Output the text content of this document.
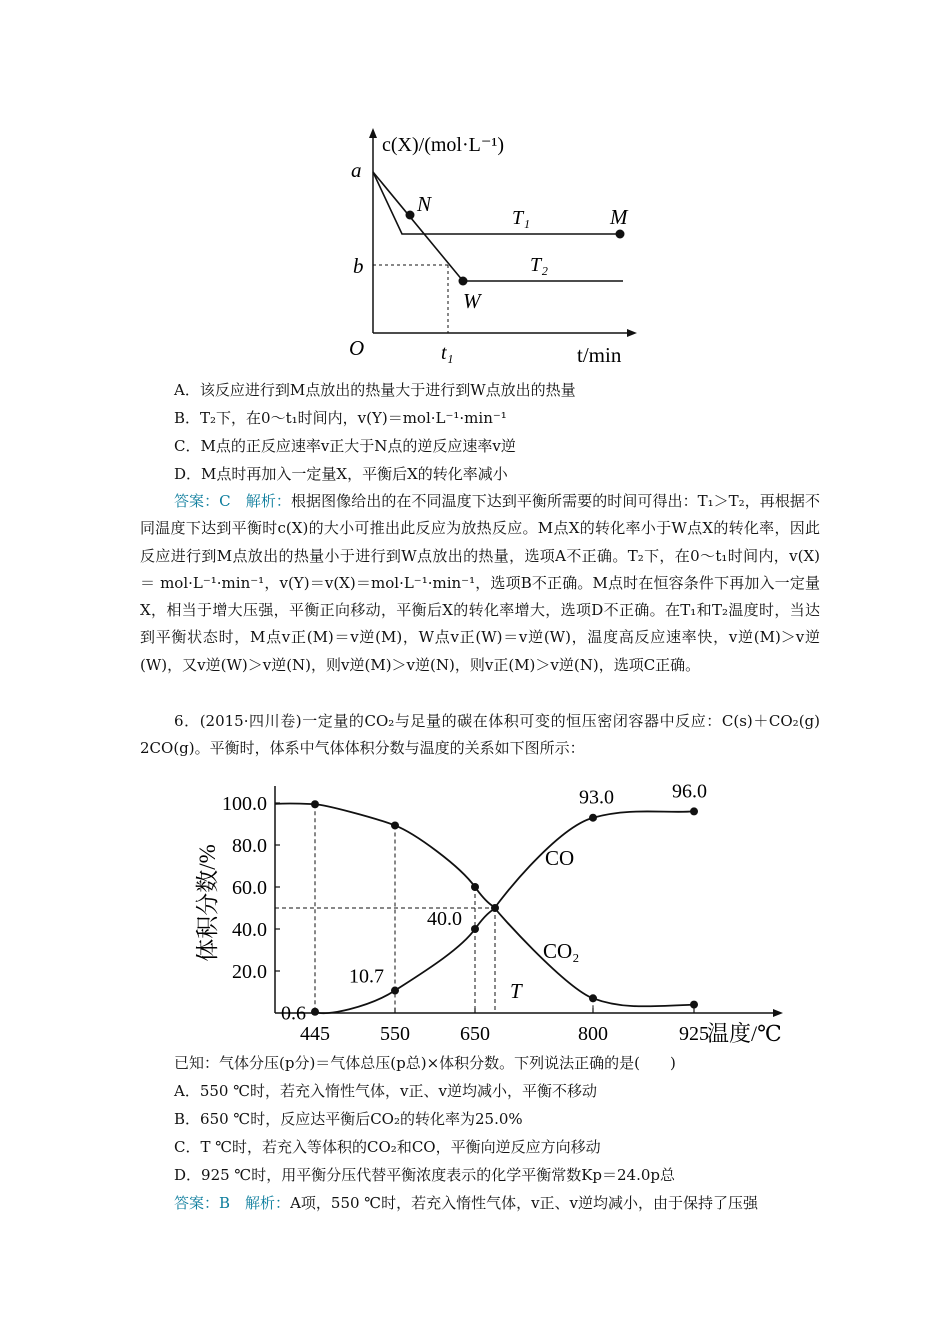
c(X)/(mol·L⁻¹)
a
b
O	t₁	t/min
N
M
W
T₁
T₂
A．该反应进行到M点放出的热量大于进行到W点放出的热量
B．T₂下，在0～t₁时间内，v(Y)＝mol·L⁻¹·min⁻¹
C．M点的正反应速率v正大于N点的逆反应速率v逆
D．M点时再加入一定量X，平衡后X的转化率减小
答案：C　 解析：根据图像给出的在不同温度下达到平衡所需要的时间可得出：T₁＞T₂，再根据不同温度下达到平衡时c(X)的大小可推出此反应为放热反应。M点X的转化率小于W点X的转化率，因此反应进行到M点放出的热量小于进行到W点放出的热量，选项A不正确。T₂下，在0～t₁时间内，v(X)＝ mol·L⁻¹·min⁻¹，v(Y)＝v(X)＝mol·L⁻¹·min⁻¹，选项B不正确。M点时在恒容条件下再加入一定量X，相当于增大压强，平衡正向移动，平衡后X的转化率增大，选项D不正确。在T₁和T₂温度时，当达到平衡状态时，M点v正(M)＝v逆(M)，W点v正(W)＝v逆(W)，温度高反应速率快，v逆(M)＞v逆(W)，又v逆(W)＞v逆(N)，则v逆(M)＞v逆(N)，则v正(M)＞v逆(N)，选项C正确。
6．(2015·四川卷)一定量的CO₂与足量的碳在体积可变的恒压密闭容器中反应：C(s)＋CO₂(g)　　2CO(g)。平衡时，体系中气体体积分数与温度的关系如下图所示：
20.0
40.0
60.0
80.0
100.0
445	550	650	800	925
体积分数/%
温度/℃
0.6
10.7
40.0
93.0	96.0
T
CO
CO₂
已知：气体分压(p分)＝气体总压(p总)×体积分数。下列说法正确的是(　　)
A．550 ℃时，若充入惰性气体，v正、v逆均减小，平衡不移动
B．650 ℃时，反应达平衡后CO₂的转化率为25.0%
C．T ℃时，若充入等体积的CO₂和CO，平衡向逆反应方向移动
D．925 ℃时，用平衡分压代替平衡浓度表示的化学平衡常数Kp＝24.0p总
答案：B　 解析：A项，550 ℃时，若充入惰性气体，v正、v逆均减小，由于保持了压强
